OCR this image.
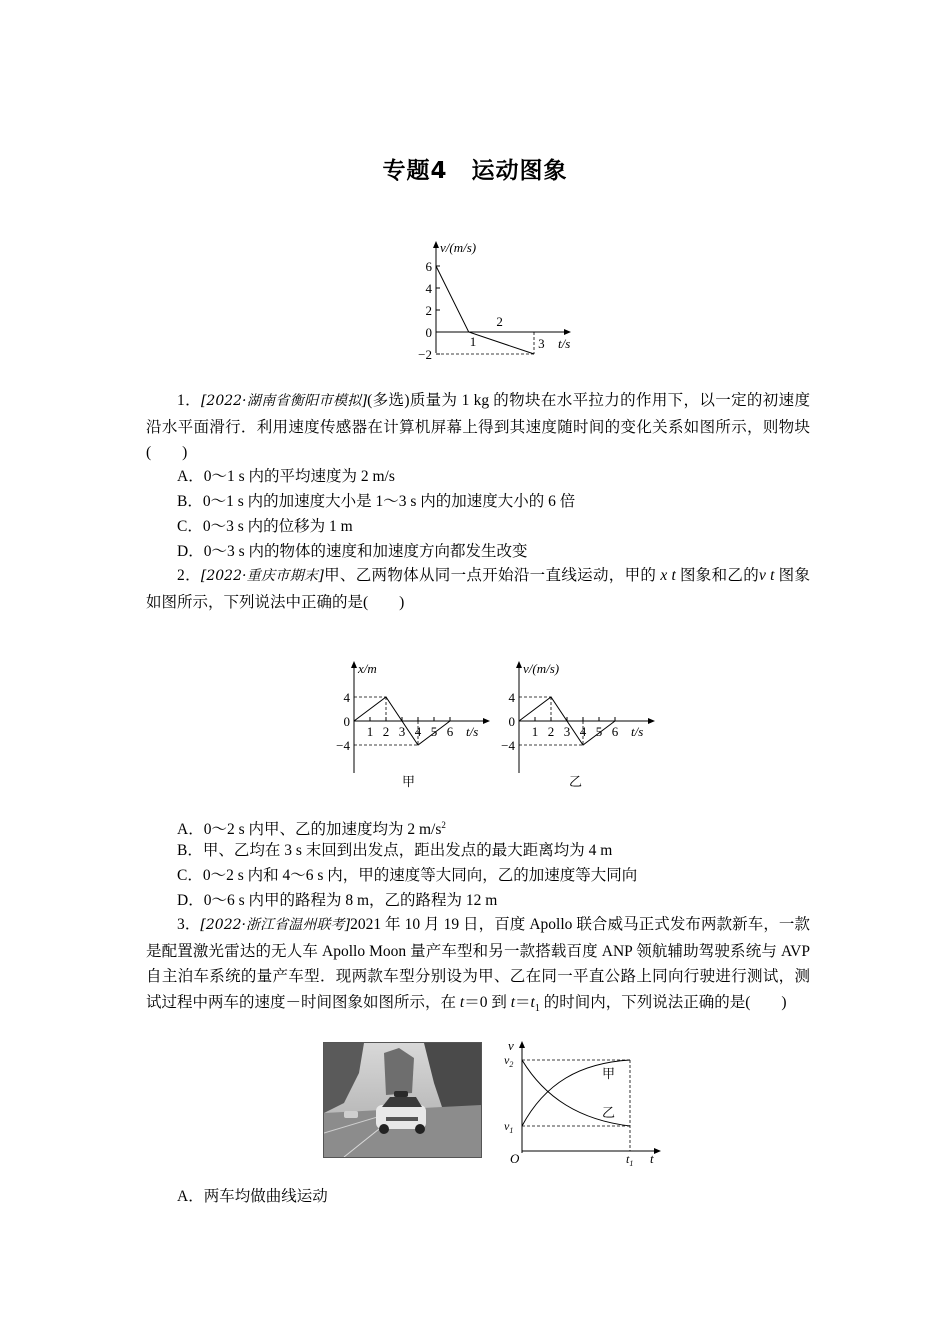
专题4　运动图象
v/(m/s)
t/s
6
4
2
0
−2
1
2
3
1．[2022·湖南省衡阳市模拟](多选)质量为 1 kg 的物块在水平拉力的作用下，以一定的初速度沿水平面滑行．利用速度传感器在计算机屏幕上得到其速度随时间的变化关系如图所示，则物块(　　)
A．0～1 s 内的平均速度为 2 m/s
B．0～1 s 内的加速度大小是 1～3 s 内的加速度大小的 6 倍
C．0～3 s 内的位移为 1 m
D．0～3 s 内的物体的速度和加速度方向都发生改变
2．[2022·重庆市期末]甲、乙两物体从同一点开始沿一直线运动，甲的 x t 图象和乙的v t 图象如图所示，下列说法中正确的是(　　)
x/m
t/s
4
0
−4
1 2 3 4 5 6
甲
v/(m/s)
t/s
4
0
−4
1 2 3 4 5 6
乙
A．0～2 s 内甲、乙的加速度均为 2 $m/s^2$
B．甲、乙均在 3 s 末回到出发点，距出发点的最大距离均为 4 m
C．0～2 s 内和 4～6 s 内，甲的速度等大同向，乙的加速度等大同向
D．0～6 s 内甲的路程为 8 m，乙的路程为 12 m
3．[2022·浙江省温州联考]2021 年 10 月 19 日，百度 Apollo 联合威马正式发布两款新车，一款是配置激光雷达的无人车 Apollo Moon 量产车型和另一款搭载百度 ANP 领航辅助驾驶系统与 AVP 自主泊车系统的量产车型．现两款车型分别设为甲、乙在同一平直公路上同向行驶进行测试，测试过程中两车的速度－时间图象如图所示，在 t＝0 到 $t=t_1$ 的时间内，下列说法正确的是(　　)
v
t
O
$v_2$
$v_1$
$t_1$
甲
乙
A．两车均做曲线运动
